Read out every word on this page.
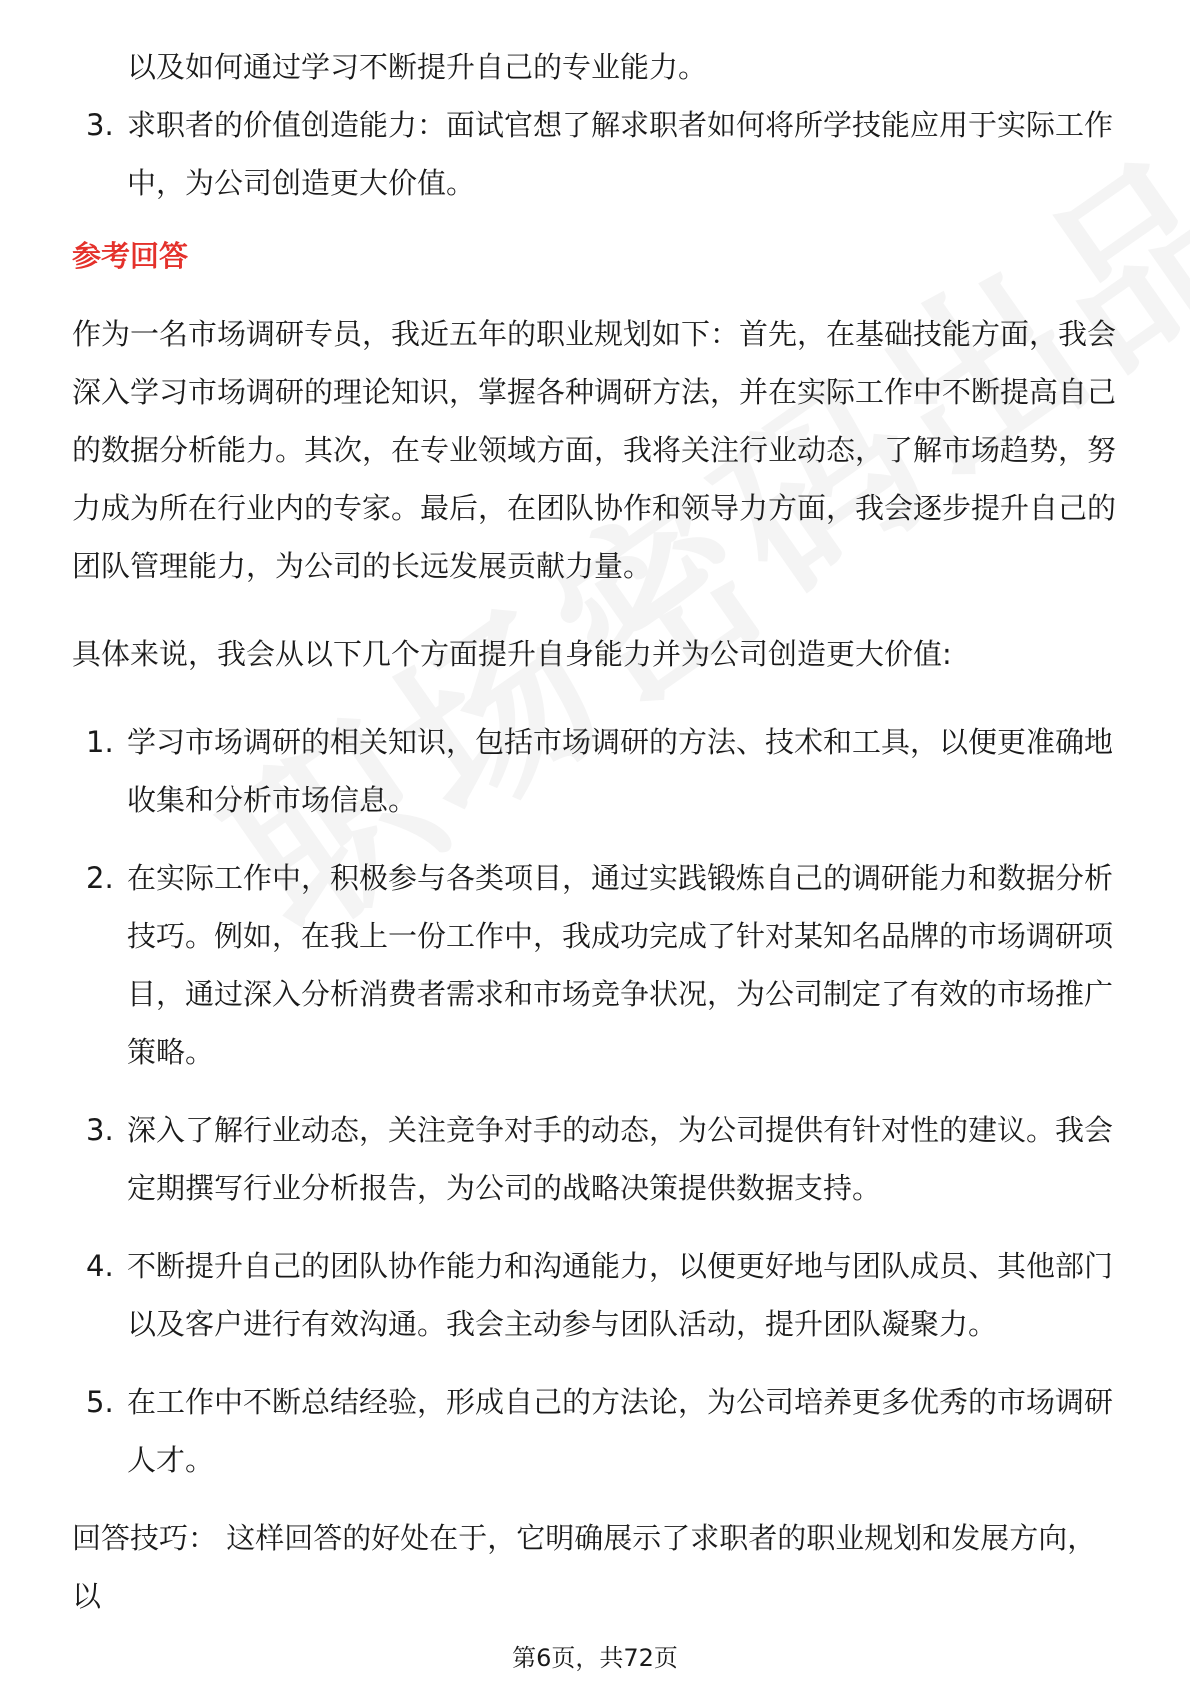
以及如何通过学习不断提升自己的专业能力。

3. 求职者的价值创造能力：面试官想了解求职者如何将所学技能应用于实际工作中，为公司创造更大价值。

参考回答

作为一名市场调研专员，我近五年的职业规划如下：首先，在基础技能方面，我会深入学习市场调研的理论知识，掌握各种调研方法，并在实际工作中不断提高自己的数据分析能力。其次，在专业领域方面，我将关注行业动态，了解市场趋势，努力成为所在行业内的专家。最后，在团队协作和领导力方面，我会逐步提升自己的团队管理能力，为公司的长远发展贡献力量。

具体来说，我会从以下几个方面提升自身能力并为公司创造更大价值:

1. 学习市场调研的相关知识，包括市场调研的方法、技术和工具，以便更准确地收集和分析市场信息。
2. 在实际工作中，积极参与各类项目，通过实践锻炼自己的调研能力和数据分析技巧。例如，在我上一份工作中，我成功完成了针对某知名品牌的市场调研项目，通过深入分析消费者需求和市场竞争状况，为公司制定了有效的市场推广策略。
3. 深入了解行业动态，关注竞争对手的动态，为公司提供有针对性的建议。我会定期撰写行业分析报告，为公司的战略决策提供数据支持。
4. 不断提升自己的团队协作能力和沟通能力，以便更好地与团队成员、其他部门以及客户进行有效沟通。我会主动参与团队活动，提升团队凝聚力。
5. 在工作中不断总结经验，形成自己的方法论，为公司培养更多优秀的市场调研人才。

回答技巧： 这样回答的好处在于，它明确展示了求职者的职业规划和发展方向，以

第6页，共72页
